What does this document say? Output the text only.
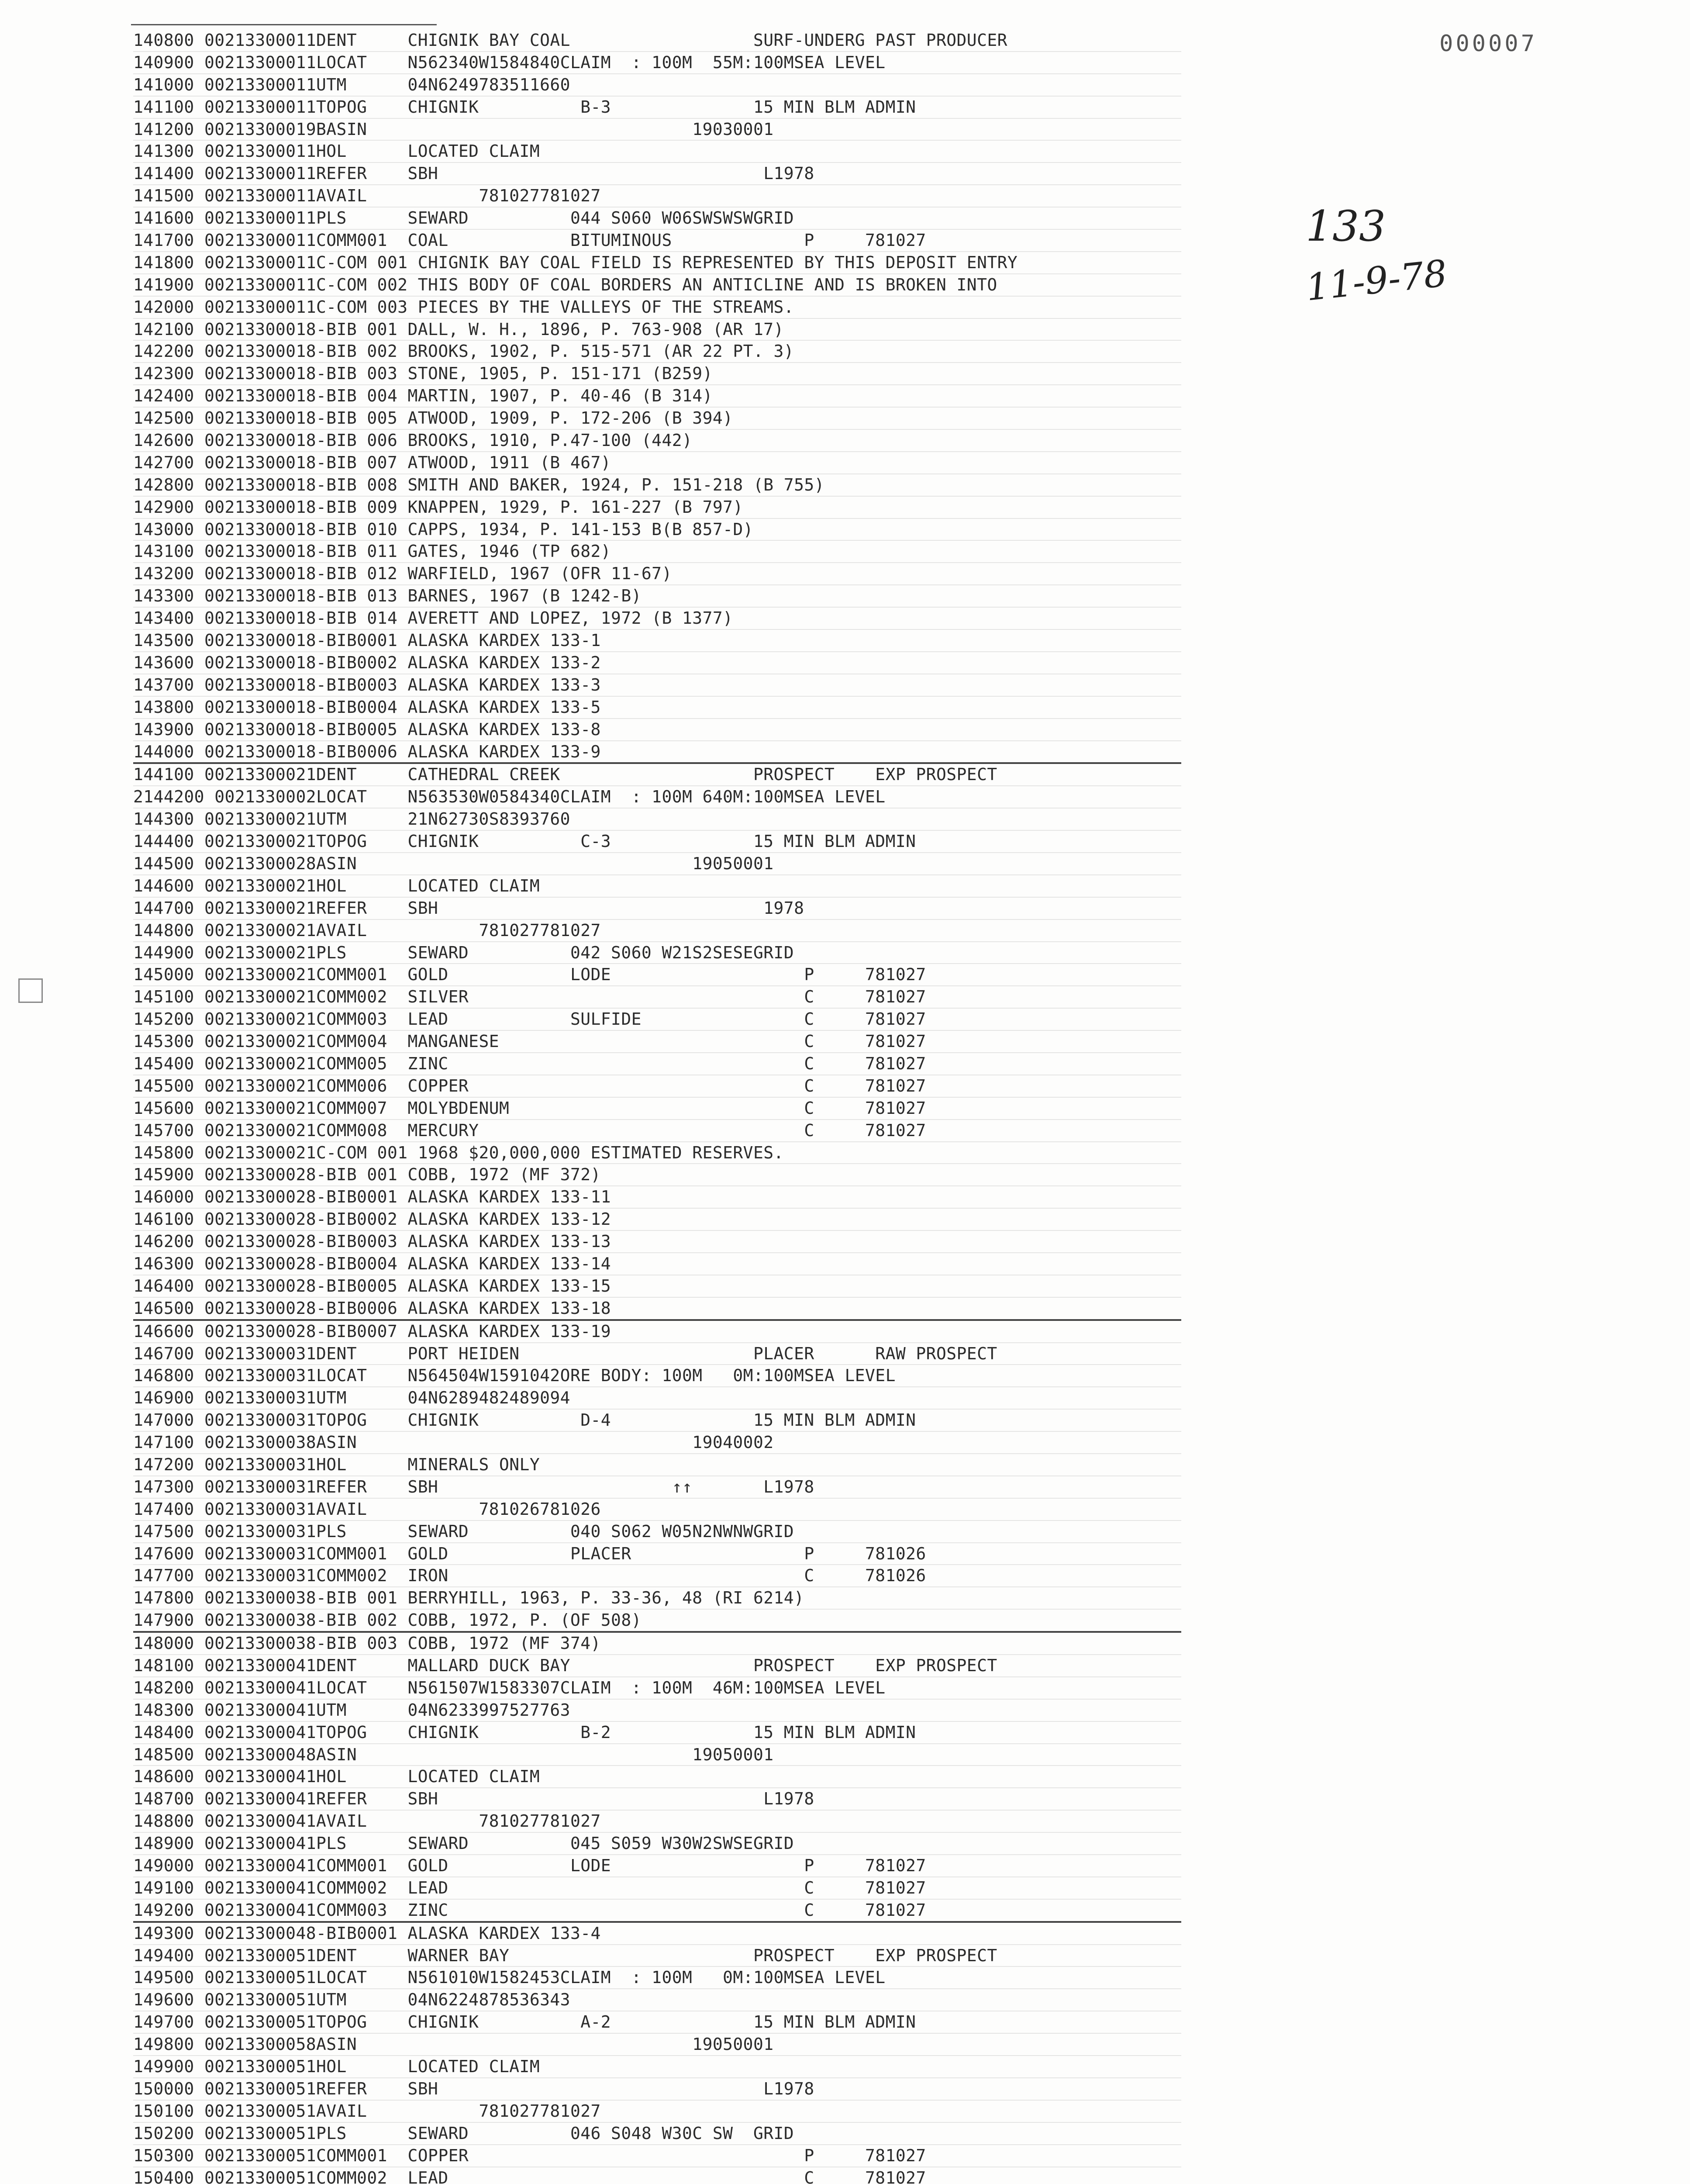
000007
133
11-9-78
140800 00213300011DENT     CHIGNIK BAY COAL                  SURF-UNDERG PAST PRODUCER
140900 00213300011LOCAT    N562340W1584840CLAIM  : 100M  55M:100MSEA LEVEL
141000 00213300011UTM      04N6249783511660
141100 00213300011TOPOG    CHIGNIK          B-3              15 MIN BLM ADMIN
141200 00213300019BASIN                                19030001
141300 00213300011HOL      LOCATED CLAIM
141400 00213300011REFER    SBH                                L1978
141500 00213300011AVAIL           781027781027
141600 00213300011PLS      SEWARD          044 S060 W06SWSWSWGRID
141700 00213300011COMM001  COAL            BITUMINOUS             P     781027
141800 00213300011C-COM 001 CHIGNIK BAY COAL FIELD IS REPRESENTED BY THIS DEPOSIT ENTRY
141900 00213300011C-COM 002 THIS BODY OF COAL BORDERS AN ANTICLINE AND IS BROKEN INTO
142000 00213300011C-COM 003 PIECES BY THE VALLEYS OF THE STREAMS.
142100 00213300018-BIB 001 DALL, W. H., 1896, P. 763-908 (AR 17)
142200 00213300018-BIB 002 BROOKS, 1902, P. 515-571 (AR 22 PT. 3)
142300 00213300018-BIB 003 STONE, 1905, P. 151-171 (B259)
142400 00213300018-BIB 004 MARTIN, 1907, P. 40-46 (B 314)
142500 00213300018-BIB 005 ATWOOD, 1909, P. 172-206 (B 394)
142600 00213300018-BIB 006 BROOKS, 1910, P.47-100 (442)
142700 00213300018-BIB 007 ATWOOD, 1911 (B 467)
142800 00213300018-BIB 008 SMITH AND BAKER, 1924, P. 151-218 (B 755)
142900 00213300018-BIB 009 KNAPPEN, 1929, P. 161-227 (B 797)
143000 00213300018-BIB 010 CAPPS, 1934, P. 141-153 B(B 857-D)
143100 00213300018-BIB 011 GATES, 1946 (TP 682)
143200 00213300018-BIB 012 WARFIELD, 1967 (OFR 11-67)
143300 00213300018-BIB 013 BARNES, 1967 (B 1242-B)
143400 00213300018-BIB 014 AVERETT AND LOPEZ, 1972 (B 1377)
143500 00213300018-BIB0001 ALASKA KARDEX 133-1
143600 00213300018-BIB0002 ALASKA KARDEX 133-2
143700 00213300018-BIB0003 ALASKA KARDEX 133-3
143800 00213300018-BIB0004 ALASKA KARDEX 133-5
143900 00213300018-BIB0005 ALASKA KARDEX 133-8
144000 00213300018-BIB0006 ALASKA KARDEX 133-9
144100 00213300021DENT     CATHEDRAL CREEK                   PROSPECT    EXP PROSPECT
2144200 0021330002LOCAT    N563530W0584340CLAIM  : 100M 640M:100MSEA LEVEL
144300 00213300021UTM      21N62730S8393760
144400 00213300021TOPOG    CHIGNIK          C-3              15 MIN BLM ADMIN
144500 00213300028ASIN                                 19050001
144600 00213300021HOL      LOCATED CLAIM
144700 00213300021REFER    SBH                                1978
144800 00213300021AVAIL           781027781027
144900 00213300021PLS      SEWARD          042 S060 W21S2SESEGRID
145000 00213300021COMM001  GOLD            LODE                   P     781027
145100 00213300021COMM002  SILVER                                 C     781027
145200 00213300021COMM003  LEAD            SULFIDE                C     781027
145300 00213300021COMM004  MANGANESE                              C     781027
145400 00213300021COMM005  ZINC                                   C     781027
145500 00213300021COMM006  COPPER                                 C     781027
145600 00213300021COMM007  MOLYBDENUM                             C     781027
145700 00213300021COMM008  MERCURY                                C     781027
145800 00213300021C-COM 001 1968 $20,000,000 ESTIMATED RESERVES.
145900 00213300028-BIB 001 COBB, 1972 (MF 372)
146000 00213300028-BIB0001 ALASKA KARDEX 133-11
146100 00213300028-BIB0002 ALASKA KARDEX 133-12
146200 00213300028-BIB0003 ALASKA KARDEX 133-13
146300 00213300028-BIB0004 ALASKA KARDEX 133-14
146400 00213300028-BIB0005 ALASKA KARDEX 133-15
146500 00213300028-BIB0006 ALASKA KARDEX 133-18
146600 00213300028-BIB0007 ALASKA KARDEX 133-19
146700 00213300031DENT     PORT HEIDEN                       PLACER      RAW PROSPECT
146800 00213300031LOCAT    N564504W1591042ORE BODY: 100M   0M:100MSEA LEVEL
146900 00213300031UTM      04N6289482489094
147000 00213300031TOPOG    CHIGNIK          D-4              15 MIN BLM ADMIN
147100 00213300038ASIN                                 19040002
147200 00213300031HOL      MINERALS ONLY
147300 00213300031REFER    SBH                       ↑↑       L1978
147400 00213300031AVAIL           781026781026
147500 00213300031PLS      SEWARD          040 S062 W05N2NWNWGRID
147600 00213300031COMM001  GOLD            PLACER                 P     781026
147700 00213300031COMM002  IRON                                   C     781026
147800 00213300038-BIB 001 BERRYHILL, 1963, P. 33-36, 48 (RI 6214)
147900 00213300038-BIB 002 COBB, 1972, P. (OF 508)
148000 00213300038-BIB 003 COBB, 1972 (MF 374)
148100 00213300041DENT     MALLARD DUCK BAY                  PROSPECT    EXP PROSPECT
148200 00213300041LOCAT    N561507W1583307CLAIM  : 100M  46M:100MSEA LEVEL
148300 00213300041UTM      04N6233997527763
148400 00213300041TOPOG    CHIGNIK          B-2              15 MIN BLM ADMIN
148500 00213300048ASIN                                 19050001
148600 00213300041HOL      LOCATED CLAIM
148700 00213300041REFER    SBH                                L1978
148800 00213300041AVAIL           781027781027
148900 00213300041PLS      SEWARD          045 S059 W30W2SWSEGRID
149000 00213300041COMM001  GOLD            LODE                   P     781027
149100 00213300041COMM002  LEAD                                   C     781027
149200 00213300041COMM003  ZINC                                   C     781027
149300 00213300048-BIB0001 ALASKA KARDEX 133-4
149400 00213300051DENT     WARNER BAY                        PROSPECT    EXP PROSPECT
149500 00213300051LOCAT    N561010W1582453CLAIM  : 100M   0M:100MSEA LEVEL
149600 00213300051UTM      04N6224878536343
149700 00213300051TOPOG    CHIGNIK          A-2              15 MIN BLM ADMIN
149800 00213300058ASIN                                 19050001
149900 00213300051HOL      LOCATED CLAIM
150000 00213300051REFER    SBH                                L1978
150100 00213300051AVAIL           781027781027
150200 00213300051PLS      SEWARD          046 S048 W30C SW  GRID
150300 00213300051COMM001  COPPER                                 P     781027
150400 00213300051COMM002  LEAD                                   C     781027
